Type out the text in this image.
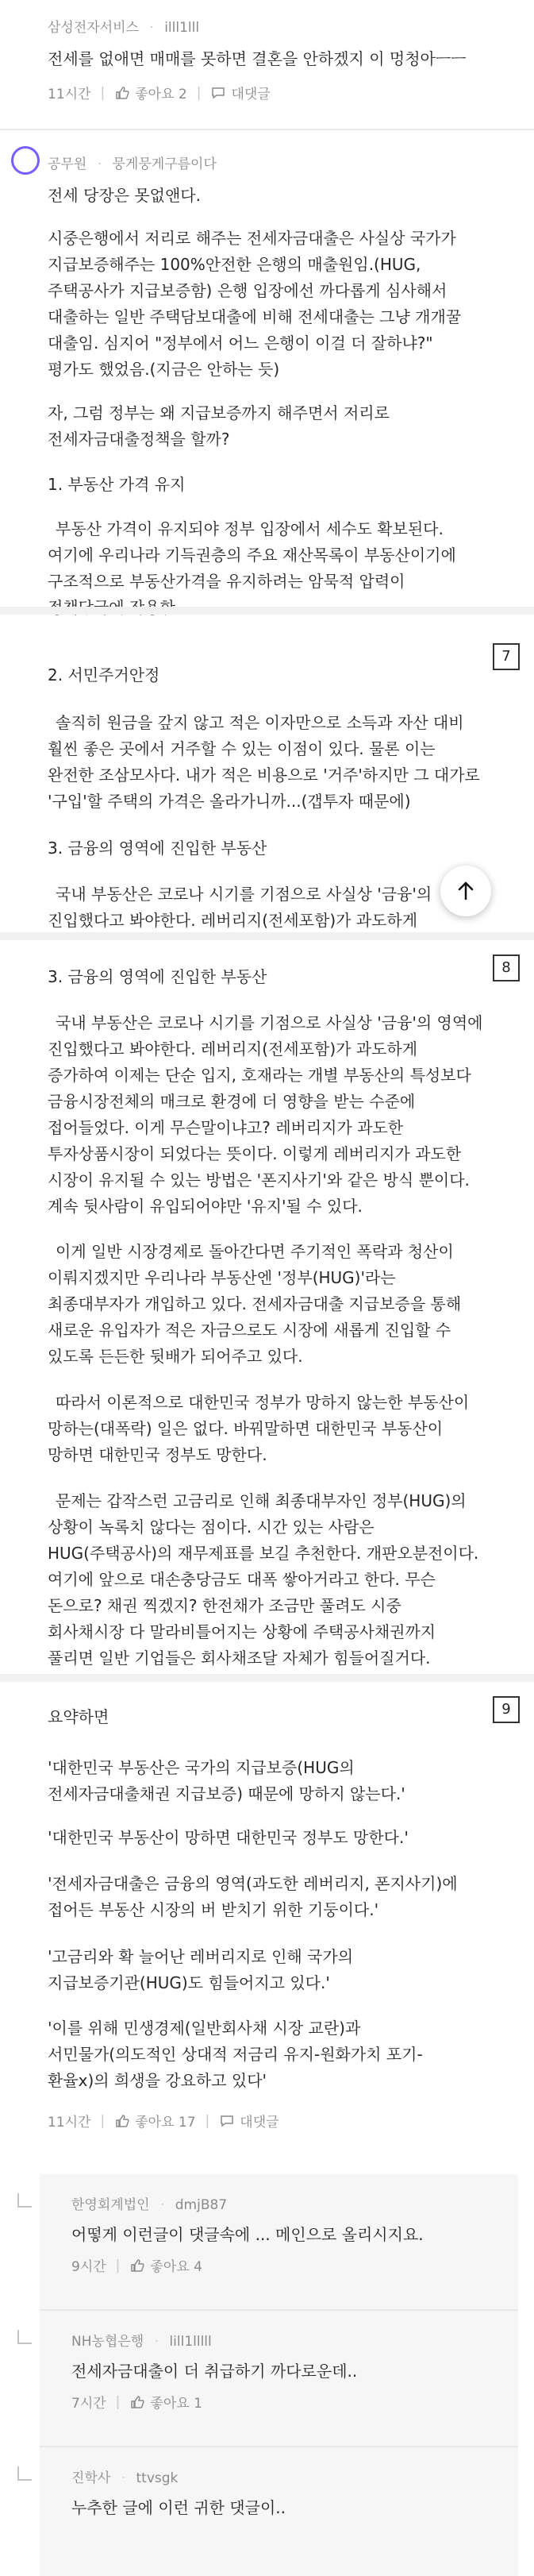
삼성전자서비스 · illl1lll
전세를 없애면 매매를 못하면 결혼을 안하겠지 이 멍청아ㅡㅡ
11시간 |	좋아요 2 |	대댓글
공무원 · 뭉게뭉게구름이다
전세 당장은 못없앤다.
시중은행에서 저리로 해주는 전세자금대출은 사실상 국가가
지급보증해주는 100%안전한 은행의 매출원임.(HUG,
주택공사가 지급보증함) 은행 입장에선 까다롭게 심사해서
대출하는 일반 주택담보대출에 비해 전세대출는 그냥 개개꿀
대출임. 심지어 "정부에서 어느 은행이 이걸 더 잘하냐?"
평가도 했었음.(지금은 안하는 듯)
자, 그럼 정부는 왜 지급보증까지 해주면서 저리로
전세자금대출정책을 할까?
1. 부동산 가격 유지
부동산 가격이 유지되야 정부 입장에서 세수도 확보된다.
여기에 우리나라 기득권층의 주요 재산목록이 부동산이기에
구조적으로 부동산가격을 유지하려는 암묵적 압력이
7
2. 서민주거안정
솔직히 원금을 갚지 않고 적은 이자만으로 소득과 자산 대비
훨씬 좋은 곳에서 거주할 수 있는 이점이 있다. 물론 이는
완전한 조삼모사다. 내가 적은 비용으로 '거주'하지만 그 대가로
'구입'할 주택의 가격은 올라가니까...(갭투자 때문에)
3. 금융의 영역에 진입한 부동산
국내 부동산은 코로나 시기를 기점으로 사실상 '금융'의
진입했다고 봐야한다. 레버리지(전세포함)가 과도하게
8
3. 금융의 영역에 진입한 부동산
국내 부동산은 코로나 시기를 기점으로 사실상 '금융'의 영역에
진입했다고 봐야한다. 레버리지(전세포함)가 과도하게
증가하여 이제는 단순 입지, 호재라는 개별 부동산의 특성보다
금융시장전체의 매크로 환경에 더 영향을 받는 수준에
접어들었다. 이게 무슨말이냐고? 레버리지가 과도한
투자상품시장이 되었다는 뜻이다. 이렇게 레버리지가 과도한
시장이 유지될 수 있는 방법은 '폰지사기'와 같은 방식 뿐이다.
계속 뒷사람이 유입되어야만 '유지'될 수 있다.
이게 일반 시장경제로 돌아간다면 주기적인 폭락과 청산이
이뤄지겠지만 우리나라 부동산엔 '정부(HUG)'라는
최종대부자가 개입하고 있다. 전세자금대출 지급보증을 통해
새로운 유입자가 적은 자금으로도 시장에 새롭게 진입할 수
있도록 든든한 뒷배가 되어주고 있다.
따라서 이론적으로 대한민국 정부가 망하지 않는한 부동산이
망하는(대폭락) 일은 없다. 바꿔말하면 대한민국 부동산이
망하면 대한민국 정부도 망한다.
문제는 갑작스런 고금리로 인해 최종대부자인 정부(HUG)의
상황이 녹록치 않다는 점이다. 시간 있는 사람은
HUG(주택공사)의 재무제표를 보길 추천한다. 개판오분전이다.
여기에 앞으로 대손충당금도 대폭 쌓아거라고 한다. 무슨
돈으로? 채권 찍겠지? 한전채가 조금만 풀려도 시중
회사채시장 다 말라비틀어지는 상황에 주택공사채권까지
풀리면 일반 기업들은 회사채조달 자체가 힘들어질거다.
9
요약하면
'대한민국 부동산은 국가의 지급보증(HUG의
전세자금대출채권 지급보증) 때문에 망하지 않는다.'
'대한민국 부동산이 망하면 대한민국 정부도 망한다.'
'전세자금대출은 금융의 영역(과도한 레버리지, 폰지사기)에
접어든 부동산 시장의 버 받치기 위한 기둥이다.'
'고금리와 확 늘어난 레버리지로 인해 국가의
지급보증기관(HUG)도 힘들어지고 있다.'
'이를 위해 민생경제(일반회사채 시장 교란)과
서민물가(의도적인 상대적 저금리 유지-원화가치 포기-
환율x)의 희생을 강요하고 있다'
11시간 |	좋아요 17 |	대댓글
한영회계법인 · dmjB87
어떻게 이런글이 댓글속에 ... 메인으로 올리시지요.
9시간 |	좋아요 4
NH농협은행 · lill1lllll
전세자금대출이 더 취급하기 까다로운데..
7시간 |	좋아요 1
진학사 · ttvsgk
누추한 글에 이런 귀한 댓글이..
